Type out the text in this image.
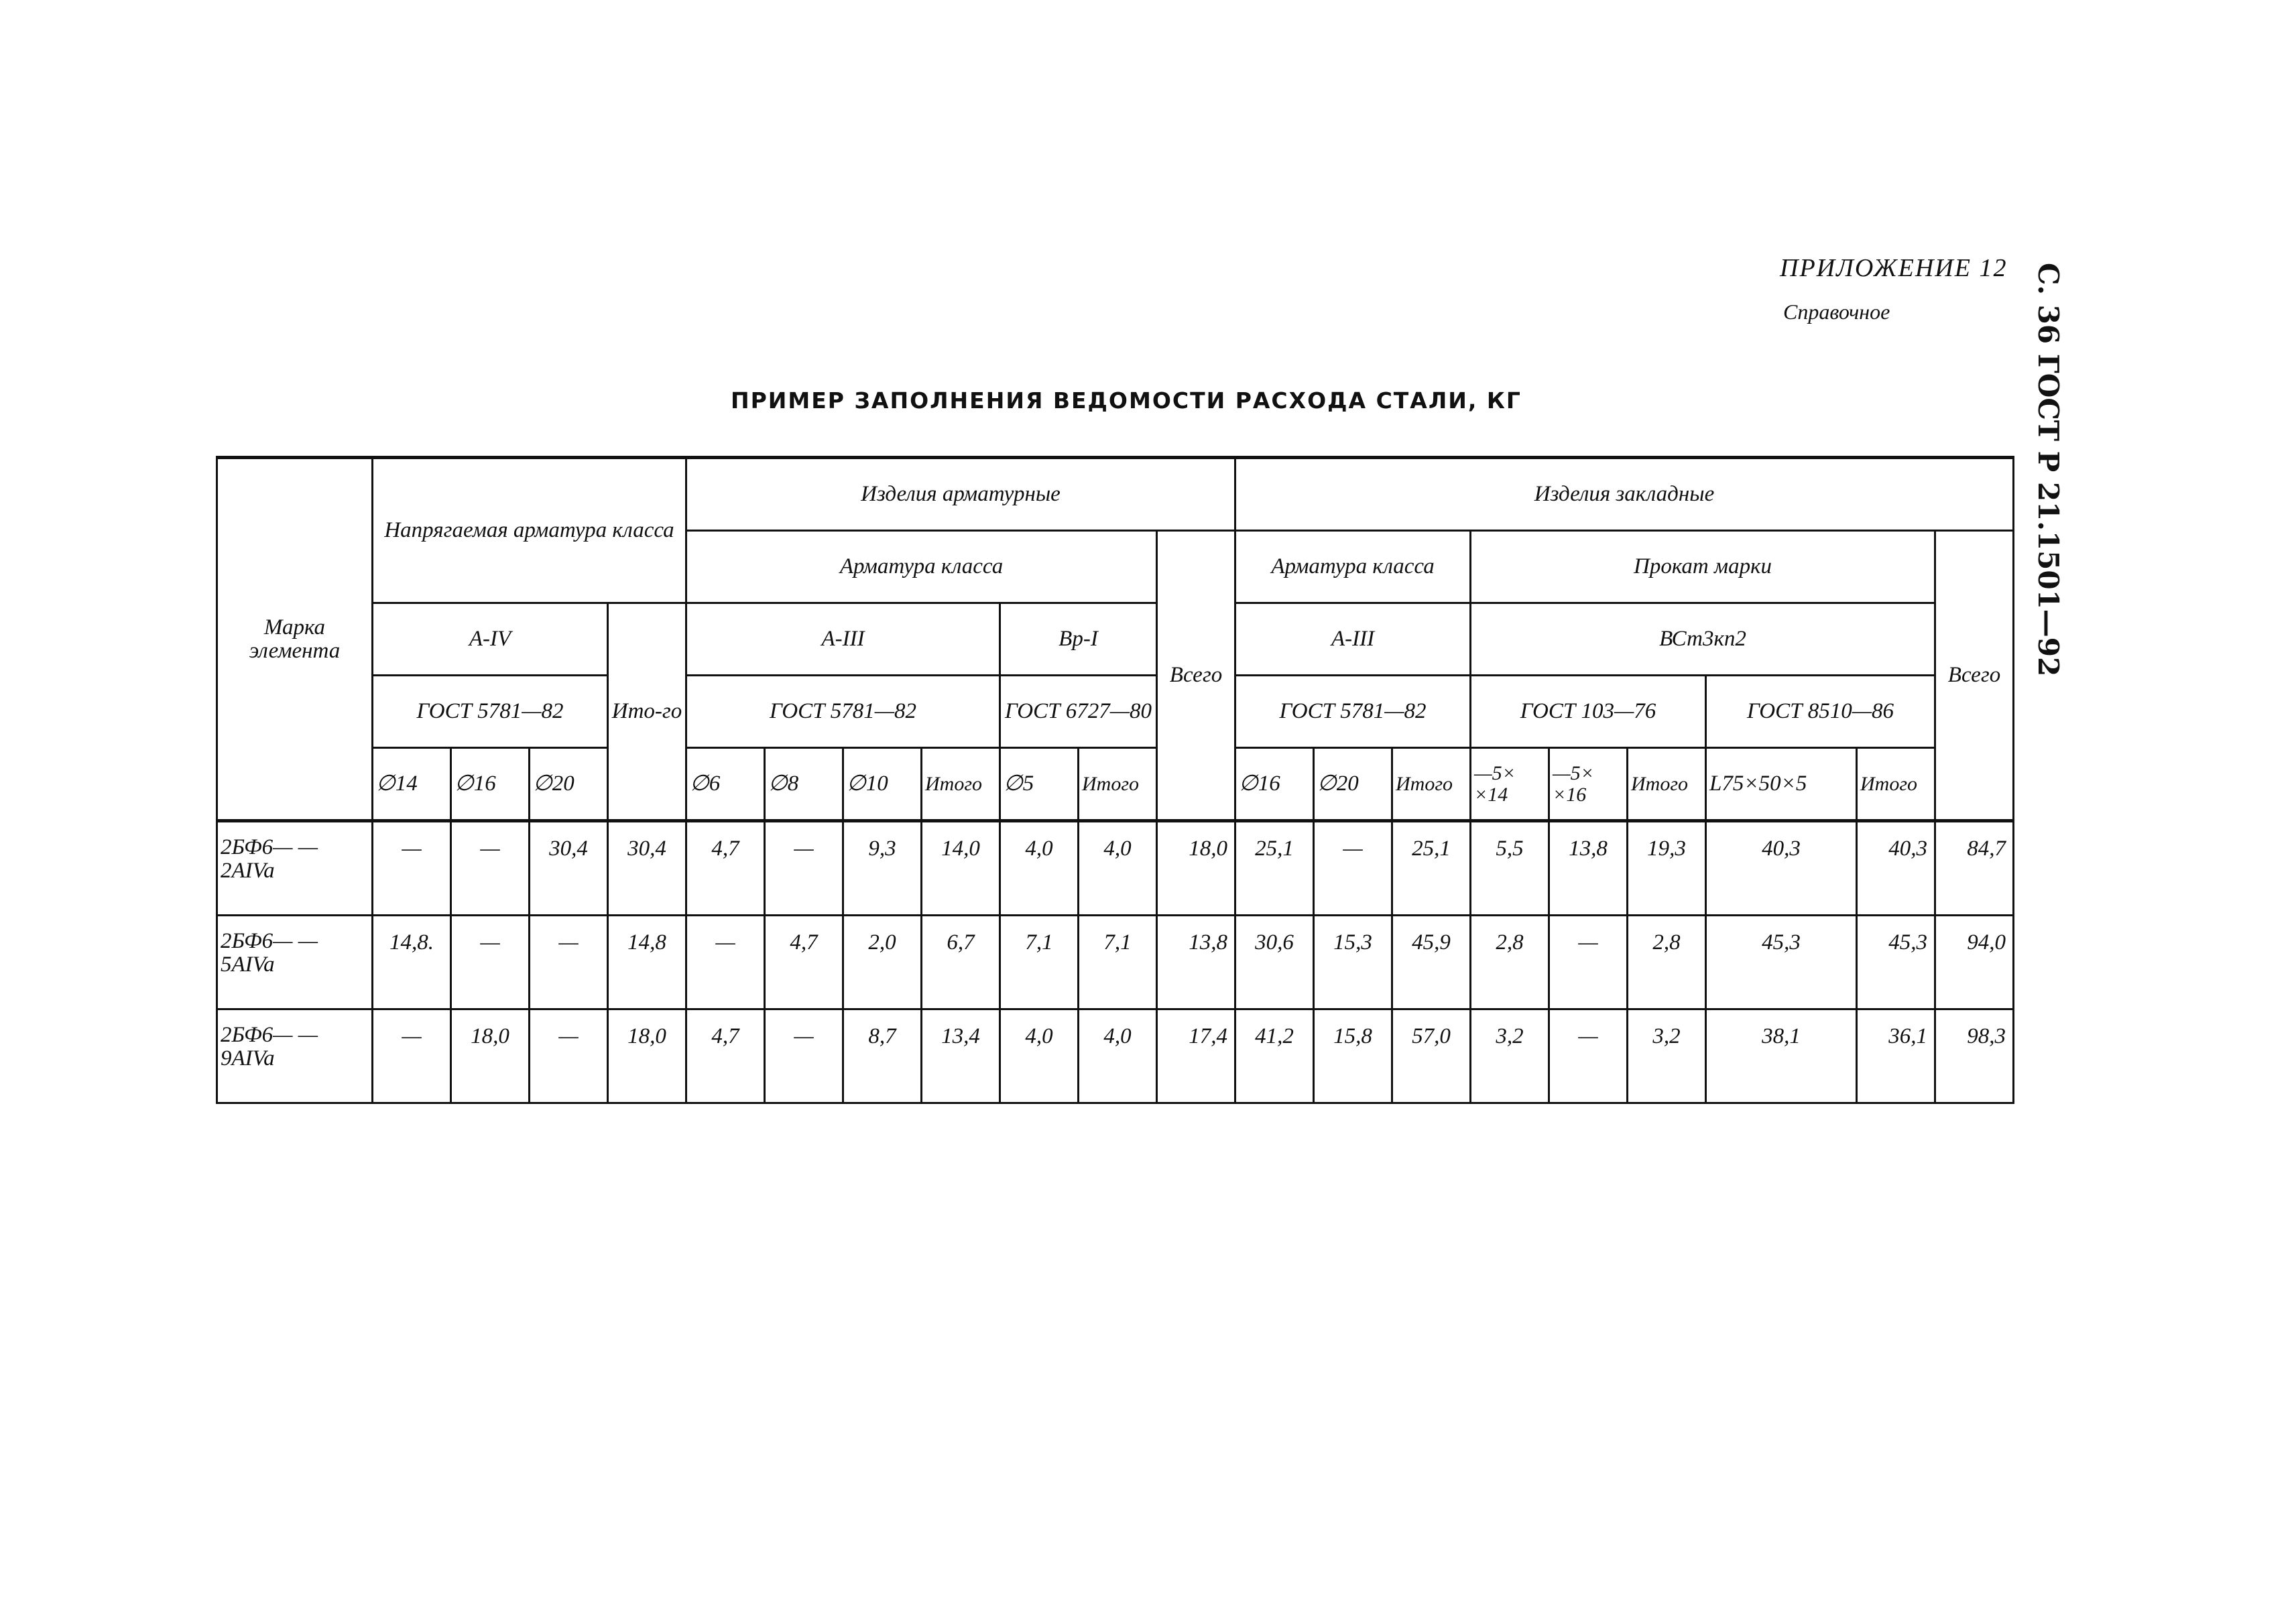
ПРИЛОЖЕНИЕ 12
Справочное	С. 36 ГОСТ Р 21.1501—92
ПРИМЕР ЗАПОЛНЕНИЯ ВЕДОМОСТИ РАСХОДА СТАЛИ, КГ
Марка элемента	Напрягаемая арматура класса				Изделия арматурные							Изделия закладные								
					Арматура класса						Всего	Арматура класса			Прокат марки					Всего
	A-IV			Ито-го	A-III				Bp-I			A-III			ВСт3кп2					
	ГОСТ 5781—82				ГОСТ 5781—82				ГОСТ 6727—80			ГОСТ 5781—82			ГОСТ 103—76			ГОСТ 8510—86		
	∅14	∅16	∅20		∅6	∅8	∅10	Итого	∅5	Итого		∅16	∅20	Итого	—5× ×14	—5× ×16	Итого	L75×50×5	Итого	
2БФ6— —2AIVa	—	—	30,4	30,4	4,7	—	9,3	14,0	4,0	4,0	18,0	25,1	—	25,1	5,5	13,8	19,3	40,3	40,3	84,7
2БФ6— —5AIVa	14,8.	—	—	14,8	—	4,7	2,0	6,7	7,1	7,1	13,8	30,6	15,3	45,9	2,8	—	2,8	45,3	45,3	94,0
2БФ6— —9AIVa	—	18,0	—	18,0	4,7	—	8,7	13,4	4,0	4,0	17,4	41,2	15,8	57,0	3,2	—	3,2	38,1	36,1	98,3
